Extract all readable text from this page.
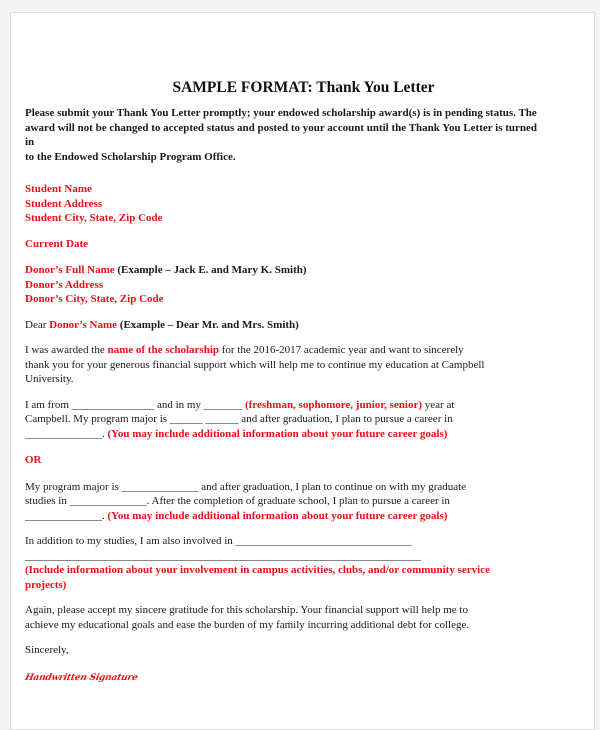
SAMPLE FORMAT: Thank You Letter

Please submit your Thank You Letter promptly; your endowed scholarship award(s) is in pending status. The
award will not be changed to accepted status and posted to your account until the Thank You Letter is turned in
to the Endowed Scholarship Program Office.

Student Name
Student Address
Student City, State, Zip Code

Current Date

Donor’s Full Name (Example – Jack E. and Mary K. Smith)
Donor’s Address
Donor’s City, State, Zip Code

Dear Donor’s Name (Example – Dear Mr. and Mrs. Smith)

I was awarded the name of the scholarship for the 2016-2017 academic year and want to sincerely
thank you for your generous financial support which will help me to continue my education at Campbell
University.

I am from _______________ and in my _______ (freshman, sophomore, junior, senior) year at
Campbell. My program major is ______ ______ and after graduation, I plan to pursue a career in
______________. (You may include additional information about your future career goals)

OR

My program major is ______________ and after graduation, I plan to continue on with my graduate
studies in ______________. After the completion of graduate school, I plan to pursue a career in
______________. (You may include additional information about your future career goals)

In addition to my studies, I am also involved in ________________________________
________________________________________________________________________
(Include information about your involvement in campus activities, clubs, and/or community service
projects)

Again, please accept my sincere gratitude for this scholarship. Your financial support will help me to
achieve my educational goals and ease the burden of my family incurring additional debt for college.

Sincerely,

Handwritten Signature
